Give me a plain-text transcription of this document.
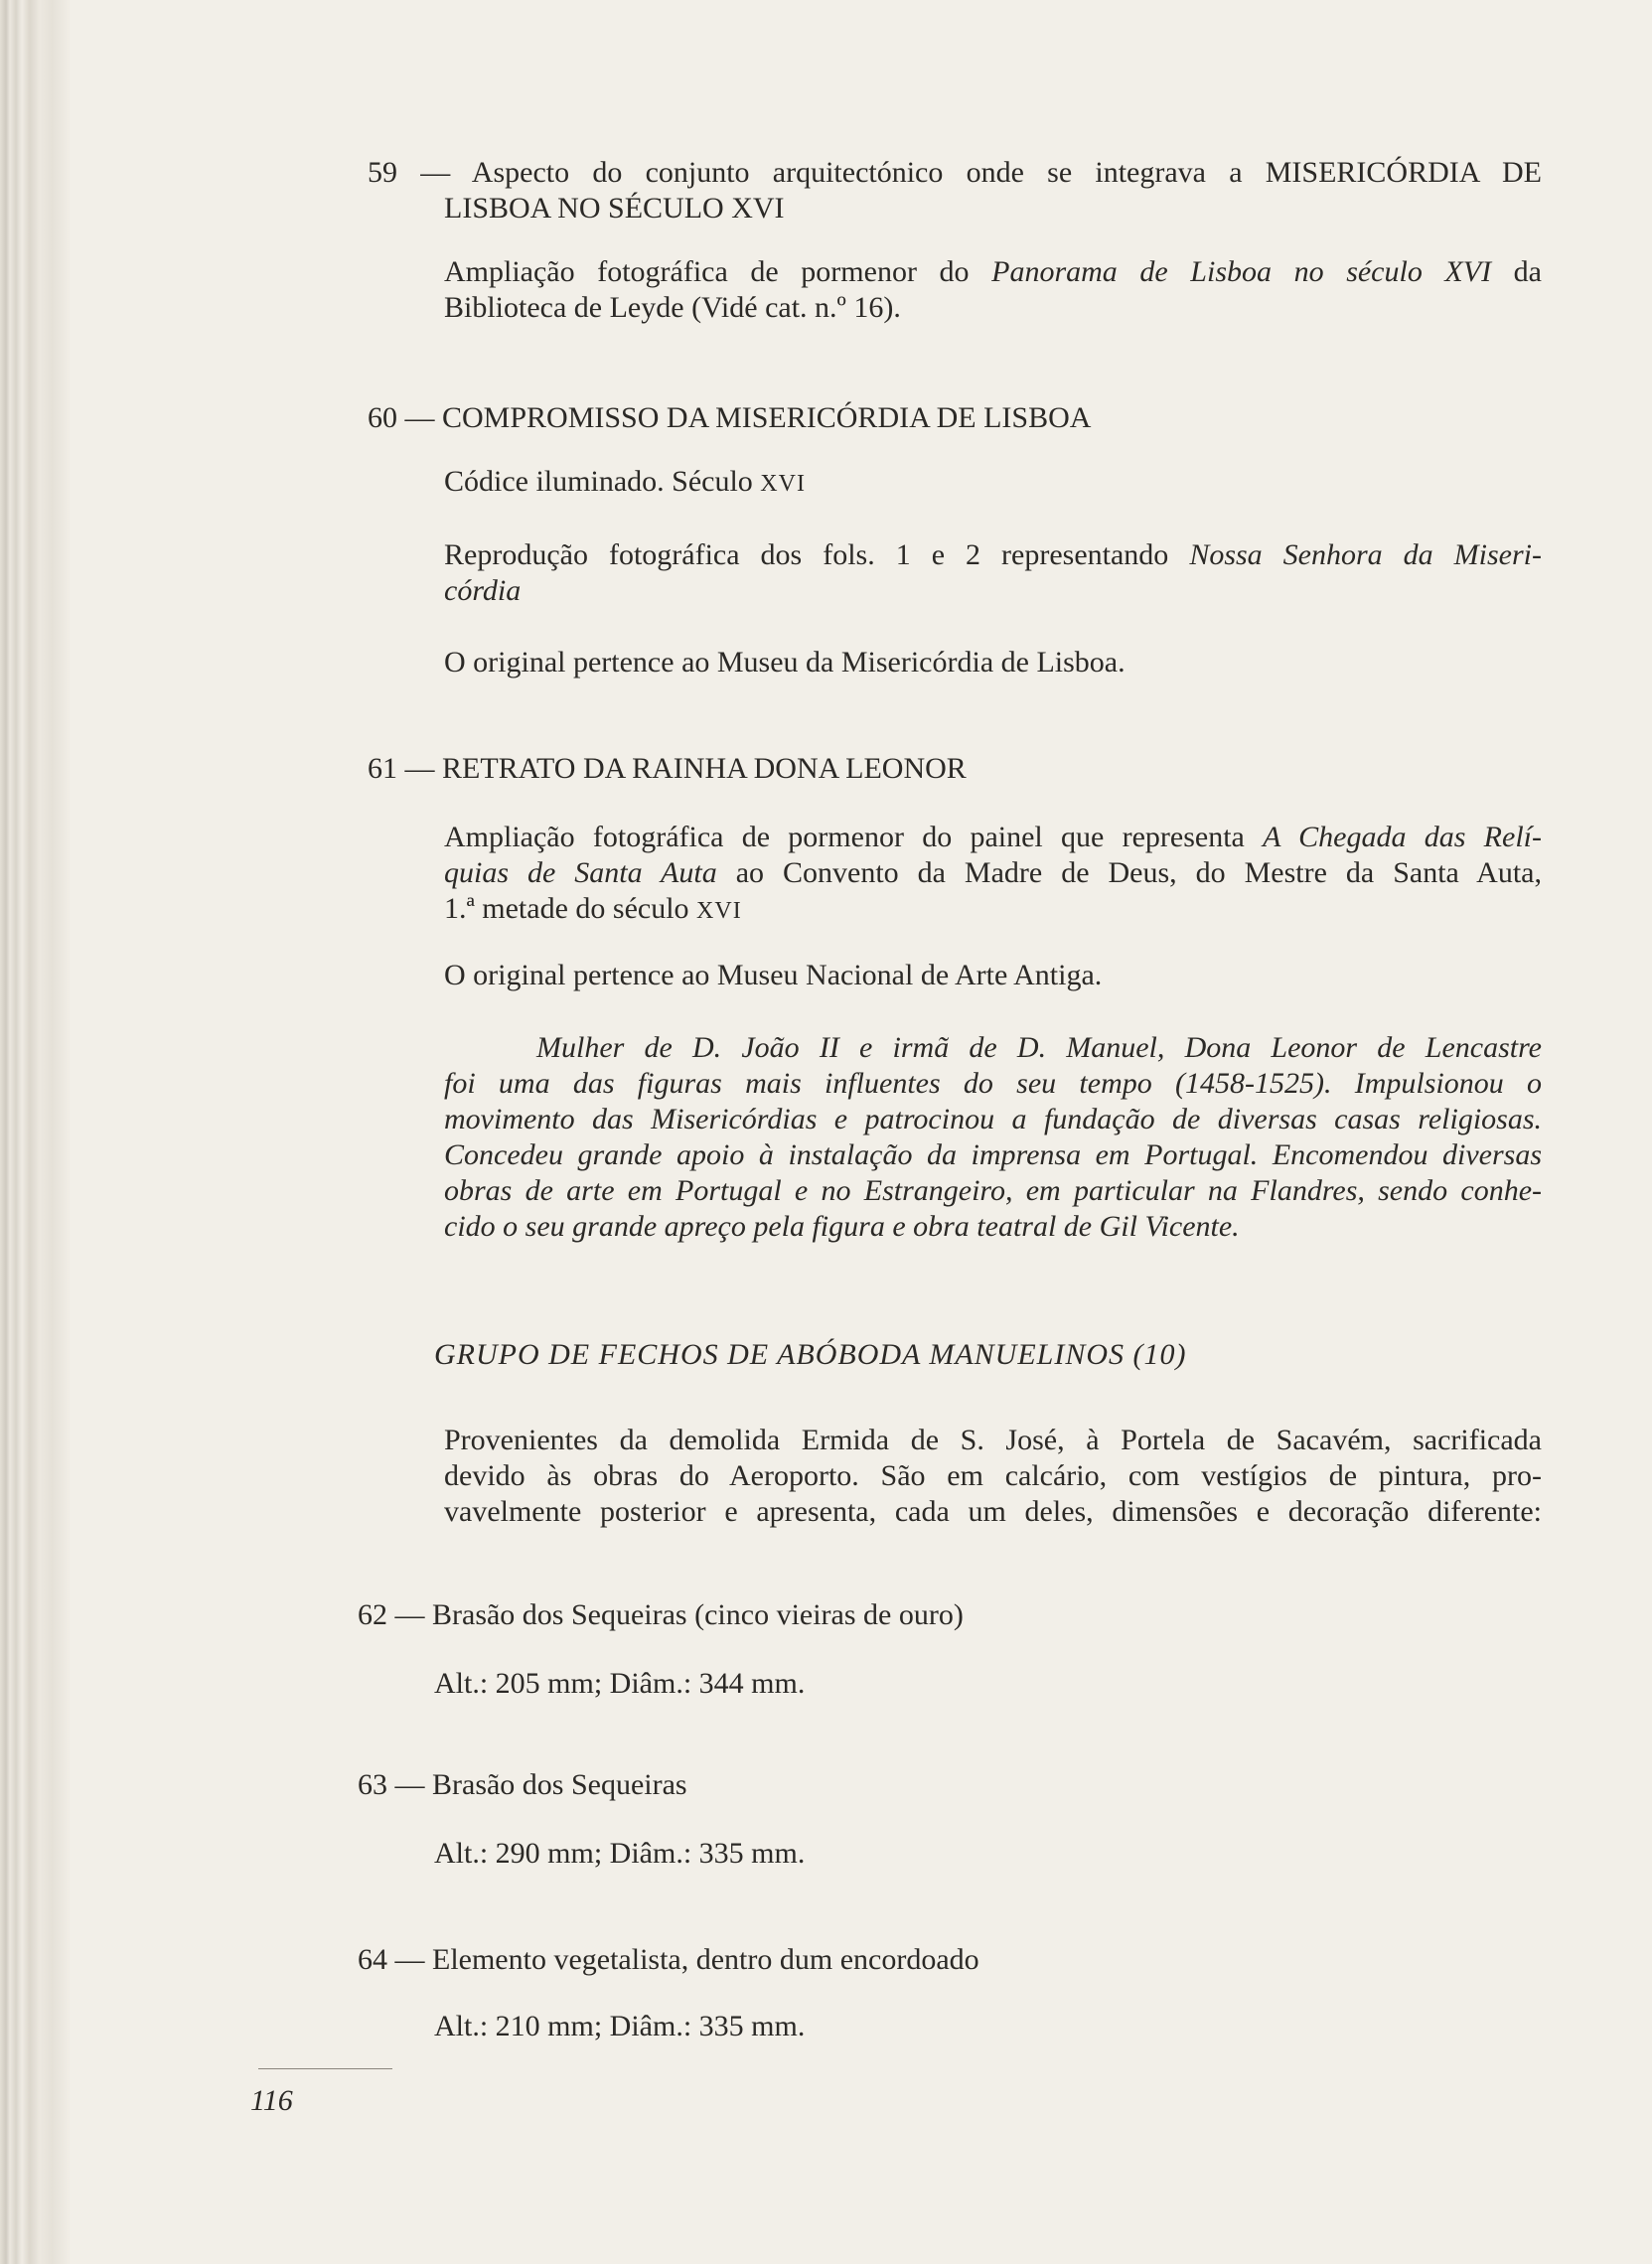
59 — Aspecto do conjunto arquitectónico onde se integrava a MISERICÓRDIA DE
LISBOA NO SÉCULO XVI
Ampliação fotográfica de pormenor do Panorama de Lisboa no século XVI da
Biblioteca de Leyde (Vidé cat. n.º 16).
60 — COMPROMISSO DA MISERICÓRDIA DE LISBOA
Códice iluminado. Século XVI
Reprodução fotográfica dos fols. 1 e 2 representando Nossa Senhora da Miseri-
córdia
O original pertence ao Museu da Misericórdia de Lisboa.
61 — RETRATO DA RAINHA DONA LEONOR
Ampliação fotográfica de pormenor do painel que representa A Chegada das Relí-
quias de Santa Auta ao Convento da Madre de Deus, do Mestre da Santa Auta,
1.ª metade do século XVI
O original pertence ao Museu Nacional de Arte Antiga.
Mulher de D. João II e irmã de D. Manuel, Dona Leonor de Lencastre
foi uma das figuras mais influentes do seu tempo (1458-1525). Impulsionou o
movimento das Misericórdias e patrocinou a fundação de diversas casas religiosas.
Concedeu grande apoio à instalação da imprensa em Portugal. Encomendou diversas
obras de arte em Portugal e no Estrangeiro, em particular na Flandres, sendo conhe-
cido o seu grande apreço pela figura e obra teatral de Gil Vicente.
GRUPO DE FECHOS DE ABÓBODA MANUELINOS (10)
Provenientes da demolida Ermida de S. José, à Portela de Sacavém, sacrificada
devido às obras do Aeroporto. São em calcário, com vestígios de pintura, pro-
vavelmente posterior e apresenta, cada um deles, dimensões e decoração diferente:
62 — Brasão dos Sequeiras (cinco vieiras de ouro)
Alt.: 205 mm; Diâm.: 344 mm.
63 — Brasão dos Sequeiras
Alt.: 290 mm; Diâm.: 335 mm.
64 — Elemento vegetalista, dentro dum encordoado
Alt.: 210 mm; Diâm.: 335 mm.
116
